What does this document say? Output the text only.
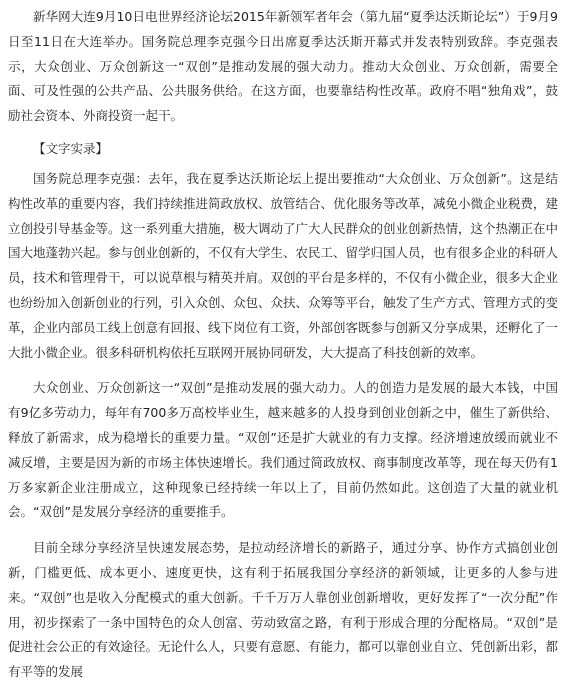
新华网大连9月10日电世界经济论坛2015年新领军者年会（第九届“夏季达沃斯论坛”）于9月9日至11日在大连举办。国务院总理李克强今日出席夏季达沃斯开幕式并发表特别致辞。李克强表示，大众创业、万众创新这一“双创”是推动发展的强大动力。推动大众创业、万众创新，需要全面、可及性强的公共产品、公共服务供给。在这方面，也要靠结构性改革。政府不唱“独角戏”，鼓励社会资本、外商投资一起干。

【文字实录】

国务院总理李克强：去年，我在夏季达沃斯论坛上提出要推动“大众创业、万众创新”。这是结构性改革的重要内容，我们持续推进简政放权、放管结合、优化服务等改革，减免小微企业税费，建立创投引导基金等。这一系列重大措施，极大调动了广大人民群众的创业创新热情，这个热潮正在中国大地蓬勃兴起。参与创业创新的，不仅有大学生、农民工、留学归国人员，也有很多企业的科研人员，技术和管理骨干，可以说草根与精英并肩。双创的平台是多样的，不仅有小微企业，很多大企业也纷纷加入创新创业的行列，引入众创、众包、众扶、众筹等平台，触发了生产方式、管理方式的变革，企业内部员工线上创意有回报、线下岗位有工资，外部创客既参与创新又分享成果，还孵化了一大批小微企业。很多科研机构依托互联网开展协同研发，大大提高了科技创新的效率。

大众创业、万众创新这一“双创”是推动发展的强大动力。人的创造力是发展的最大本钱，中国有9亿多劳动力，每年有700多万高校毕业生，越来越多的人投身到创业创新之中，催生了新供给、释放了新需求，成为稳增长的重要力量。“双创”还是扩大就业的有力支撑。经济增速放缓而就业不减反增，主要是因为新的市场主体快速增长。我们通过简政放权、商事制度改革等，现在每天仍有1万多家新企业注册成立，这种现象已经持续一年以上了，目前仍然如此。这创造了大量的就业机会。“双创”是发展分享经济的重要推手。

目前全球分享经济呈快速发展态势，是拉动经济增长的新路子，通过分享、协作方式搞创业创新，门槛更低、成本更小、速度更快，这有利于拓展我国分享经济的新领域，让更多的人参与进来。“双创”也是收入分配模式的重大创新。千千万万人靠创业创新增收，更好发挥了“一次分配”作用，初步探索了一条中国特色的众人创富、劳动致富之路，有利于形成合理的分配格局。“双创”是促进社会公正的有效途径。无论什么人，只要有意愿、有能力，都可以靠创业自立、凭创新出彩，都有平等的发展
